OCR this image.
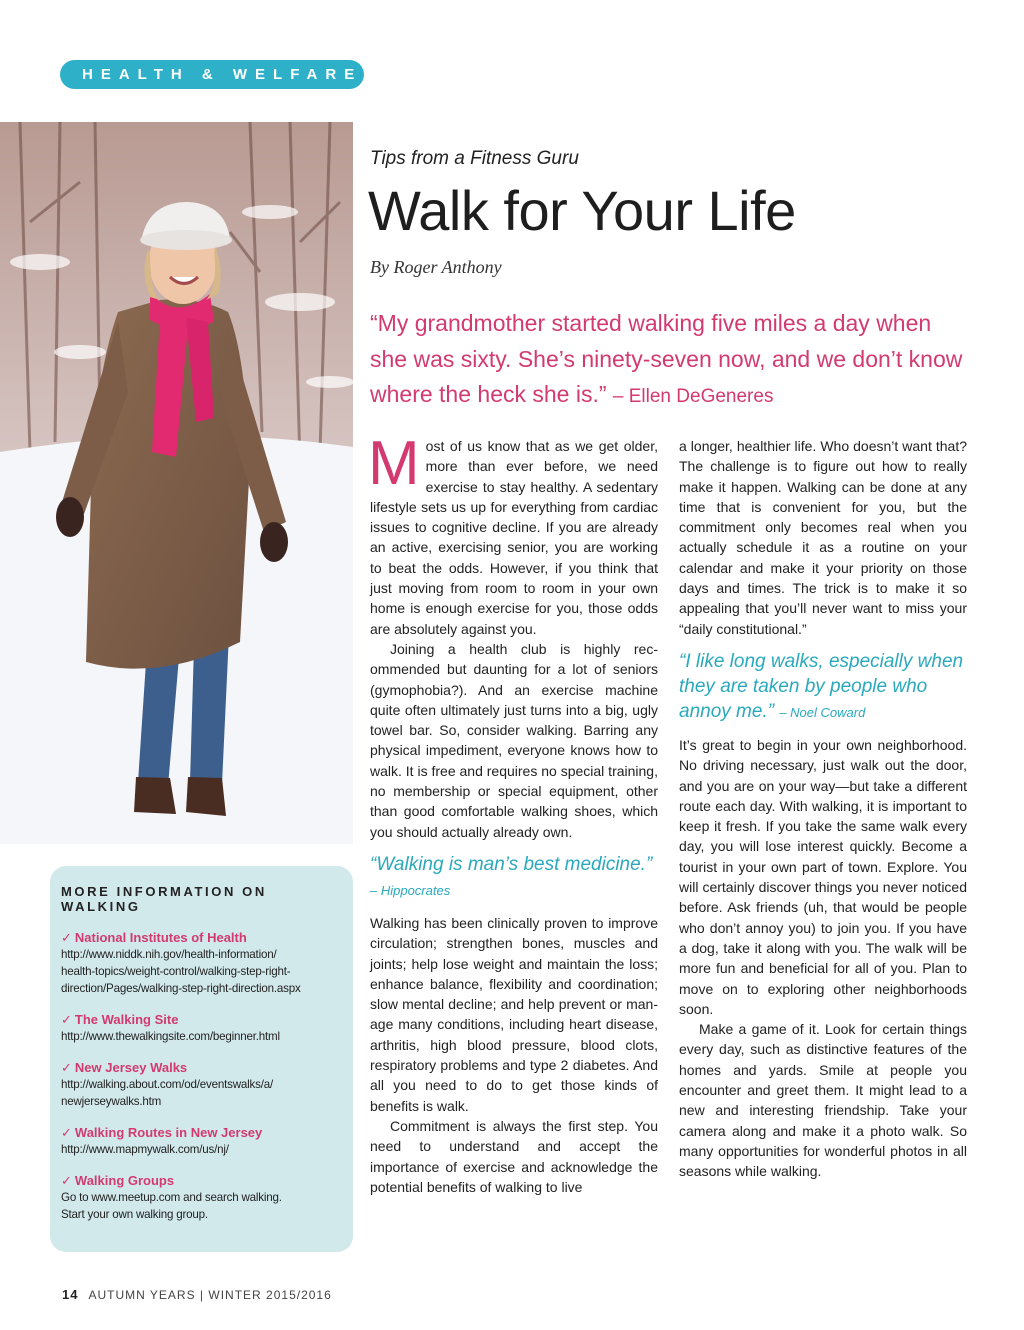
HEALTH & WELFARE
Tips from a Fitness Guru
Walk for Your Life
By Roger Anthony
“My grandmother started walking five miles a day when she was sixty. She’s ninety-seven now, and we don’t know where the heck she is.” – Ellen DeGeneres

Most of us know that as we get older, more than ever before, we need exercise to stay healthy. A sedentary lifestyle sets us up for everything from cardiac issues to cognitive decline. If you are already an active, exercising senior, you are working to beat the odds. However, if you think that just moving from room to room in your own home is enough exercise for you, those odds are absolutely against you.

Joining a health club is highly recommended but daunting for a lot of seniors (gymophobia?). And an exercise machine quite often ultimately just turns into a big, ugly towel bar. So, consider walking. Barring any physical impediment, everyone knows how to walk. It is free and requires no special training, no membership or special equipment, other than good comfortable walking shoes, which you should actually already own.

“Walking is man’s best medicine.” – Hippocrates

Walking has been clinically proven to improve circulation; strengthen bones, muscles and joints; help lose weight and maintain the loss; enhance balance, flexibility and coordination; slow mental decline; and help prevent or manage many conditions, including heart disease, arthritis, high blood pressure, blood clots, respiratory problems and type 2 diabetes. And all you need to do to get those kinds of benefits is walk.

Commitment is always the first step. You need to understand and accept the importance of exercise and acknowledge the potential benefits of walking to live

a longer, healthier life. Who doesn’t want that? The challenge is to figure out how to really make it happen. Walking can be done at any time that is convenient for you, but the commitment only becomes real when you actually schedule it as a routine on your calendar and make it your priority on those days and times. The trick is to make it so appealing that you’ll never want to miss your “daily constitutional.”

“I like long walks, especially when they are taken by people who annoy me.” – Noel Coward

It’s great to begin in your own neighborhood. No driving necessary, just walk out the door, and you are on your way—but take a different route each day. With walking, it is important to keep it fresh. If you take the same walk every day, you will lose interest quickly. Become a tourist in your own part of town. Explore. You will certainly discover things you never noticed before. Ask friends (uh, that would be people who don’t annoy you) to join you. If you have a dog, take it along with you. The walk will be more fun and beneficial for all of you. Plan to move on to exploring other neighborhoods soon.

Make a game of it. Look for certain things every day, such as distinctive features of the homes and yards. Smile at people you encounter and greet them. It might lead to a new and interesting friendship. Take your camera along and make it a photo walk. So many opportunities for wonderful photos in all seasons while walking.

MORE INFORMATION ON WALKING
✓ National Institutes of Health
http://www.niddk.nih.gov/health-information/
health-topics/weight-control/walking-step-right-
direction/Pages/walking-step-right-direction.aspx
✓ The Walking Site
http://www.thewalkingsite.com/beginner.html
✓ New Jersey Walks
http://walking.about.com/od/eventswalks/a/
newjerseywalks.htm
✓ Walking Routes in New Jersey
http://www.mapmywalk.com/us/nj/
✓ Walking Groups
Go to www.meetup.com and search walking.
Start your own walking group.
14 AUTUMN YEARS | WINTER 2015/2016
